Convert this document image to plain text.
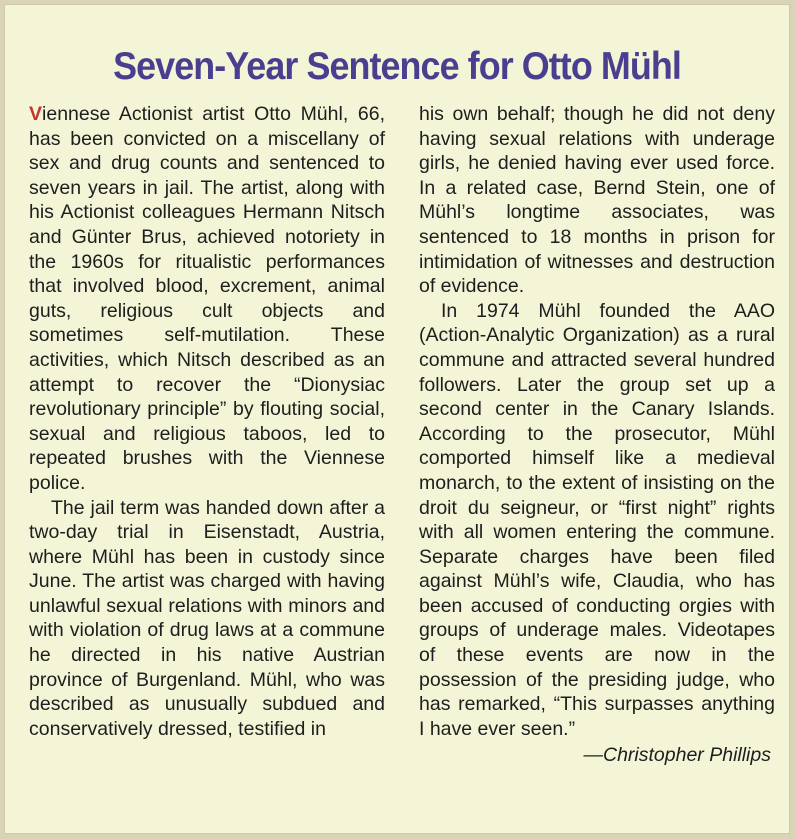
Seven-Year Sentence for Otto Mühl

Viennese Actionist artist Otto Mühl, 66, has been convicted on a miscellany of sex and drug counts and sentenced to seven years in jail. The artist, along with his Actionist colleagues Hermann Nitsch and Günter Brus, achieved notoriety in the 1960s for ritualistic performances that involved blood, excrement, animal guts, religious cult objects and sometimes self-mutilation. These activities, which Nitsch described as an attempt to recover the “Dionysiac revolutionary principle” by flouting social, sexual and religious taboos, led to repeated brushes with the Viennese police.

The jail term was handed down after a two-day trial in Eisenstadt, Austria, where Mühl has been in custody since June. The artist was charged with having unlawful sexual relations with minors and with violation of drug laws at a commune he directed in his native Austrian province of Burgenland. Mühl, who was described as unusually subdued and conservatively dressed, testified in

his own behalf; though he did not deny having sexual relations with underage girls, he denied having ever used force. In a related case, Bernd Stein, one of Mühl’s longtime associates, was sentenced to 18 months in prison for intimidation of witnesses and destruction of evidence.

In 1974 Mühl founded the AAO (Action-Analytic Organization) as a rural commune and attracted several hundred followers. Later the group set up a second center in the Canary Islands. According to the prosecutor, Mühl comported himself like a medieval monarch, to the extent of insisting on the droit du seigneur, or “first night” rights with all women entering the commune. Separate charges have been filed against Mühl’s wife, Claudia, who has been accused of conducting orgies with groups of underage males. Videotapes of these events are now in the possession of the presiding judge, who has remarked, “This surpasses anything I have ever seen.”

—Christopher Phillips
